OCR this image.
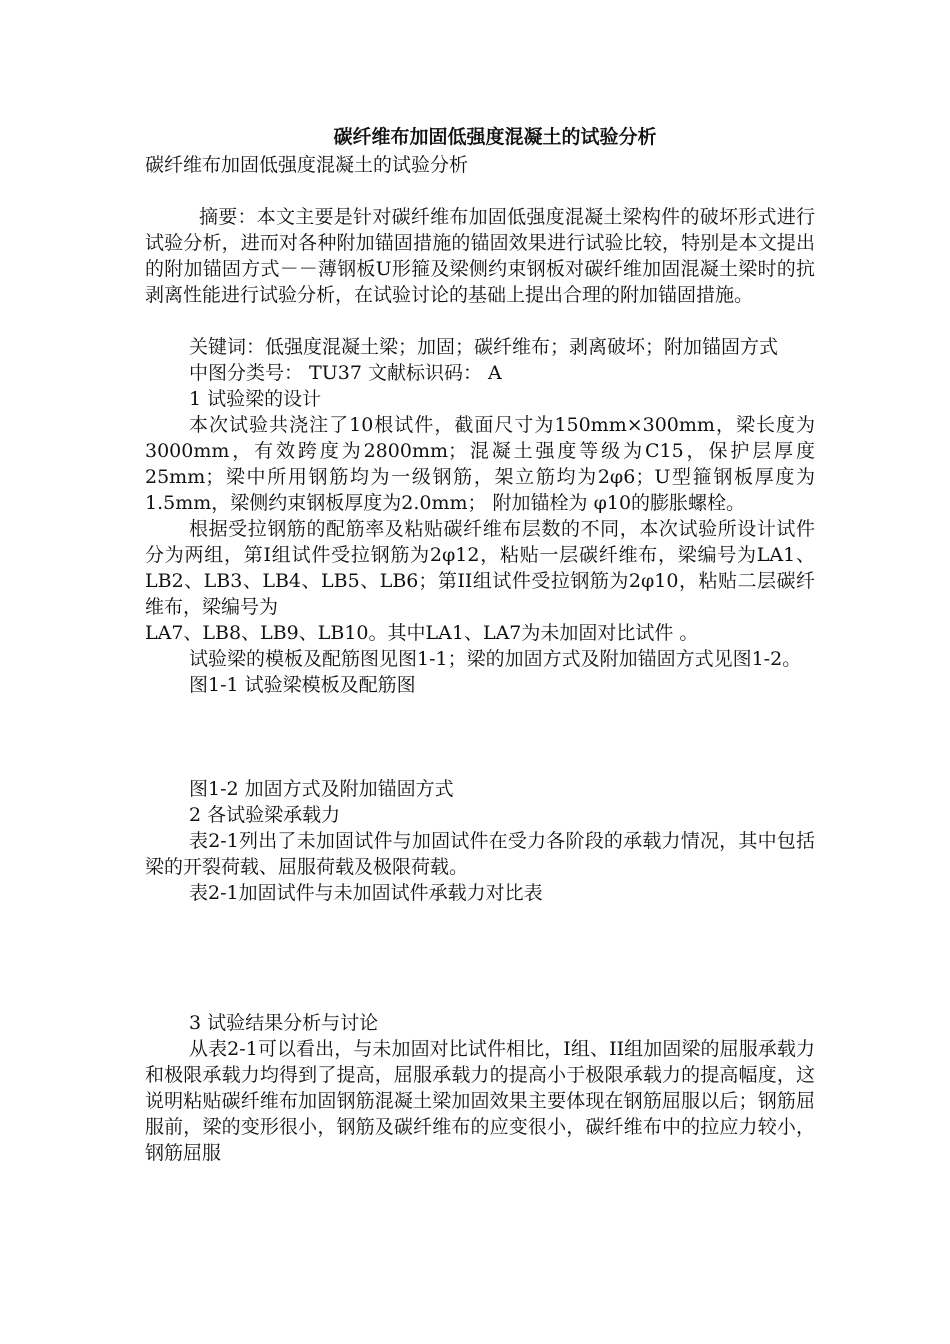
碳纤维布加固低强度混凝土的试验分析
碳纤维布加固低强度混凝土的试验分析

摘要：本文主要是针对碳纤维布加固低强度混凝土梁构件的破坏形式进行试验分析，进而对各种附加锚固措施的锚固效果进行试验比较，特别是本文提出的附加锚固方式－－薄钢板U形箍及梁侧约束钢板对碳纤维加固混凝土梁时的抗剥离性能进行试验分析，在试验讨论的基础上提出合理的附加锚固措施。

关键词：低强度混凝土梁；加固；碳纤维布；剥离破坏；附加锚固方式

中图分类号： TU37 文献标识码： A

1 试验梁的设计

本次试验共浇注了10根试件，截面尺寸为150mm×300mm，梁长度为3000mm，有效跨度为2800mm；混凝土强度等级为C15，保护层厚度25mm；梁中所用钢筋均为一级钢筋，架立筋均为2φ6；U型箍钢板厚度为1.5mm，梁侧约束钢板厚度为2.0mm； 附加锚栓为 φ10的膨胀螺栓。

根据受拉钢筋的配筋率及粘贴碳纤维布层数的不同，本次试验所设计试件分为两组，第I组试件受拉钢筋为2φ12，粘贴一层碳纤维布，梁编号为LA1、LB2、LB3、LB4、LB5、LB6；第II组试件受拉钢筋为2φ10，粘贴二层碳纤维布，梁编号为

LA7、LB8、LB9、LB10。其中LA1、LA7为未加固对比试件 。

试验梁的模板及配筋图见图1-1；梁的加固方式及附加锚固方式见图1-2。

图1-1 试验梁模板及配筋图

图1-2 加固方式及附加锚固方式

2 各试验梁承载力

表2-1列出了未加固试件与加固试件在受力各阶段的承载力情况，其中包括梁的开裂荷载、屈服荷载及极限荷载。

表2-1加固试件与未加固试件承载力对比表

3 试验结果分析与讨论

从表2-1可以看出，与未加固对比试件相比，I组、II组加固梁的屈服承载力和极限承载力均得到了提高，屈服承载力的提高小于极限承载力的提高幅度，这说明粘贴碳纤维布加固钢筋混凝土梁加固效果主要体现在钢筋屈服以后；钢筋屈服前，梁的变形很小，钢筋及碳纤维布的应变很小，碳纤维布中的拉应力较小，钢筋屈服
